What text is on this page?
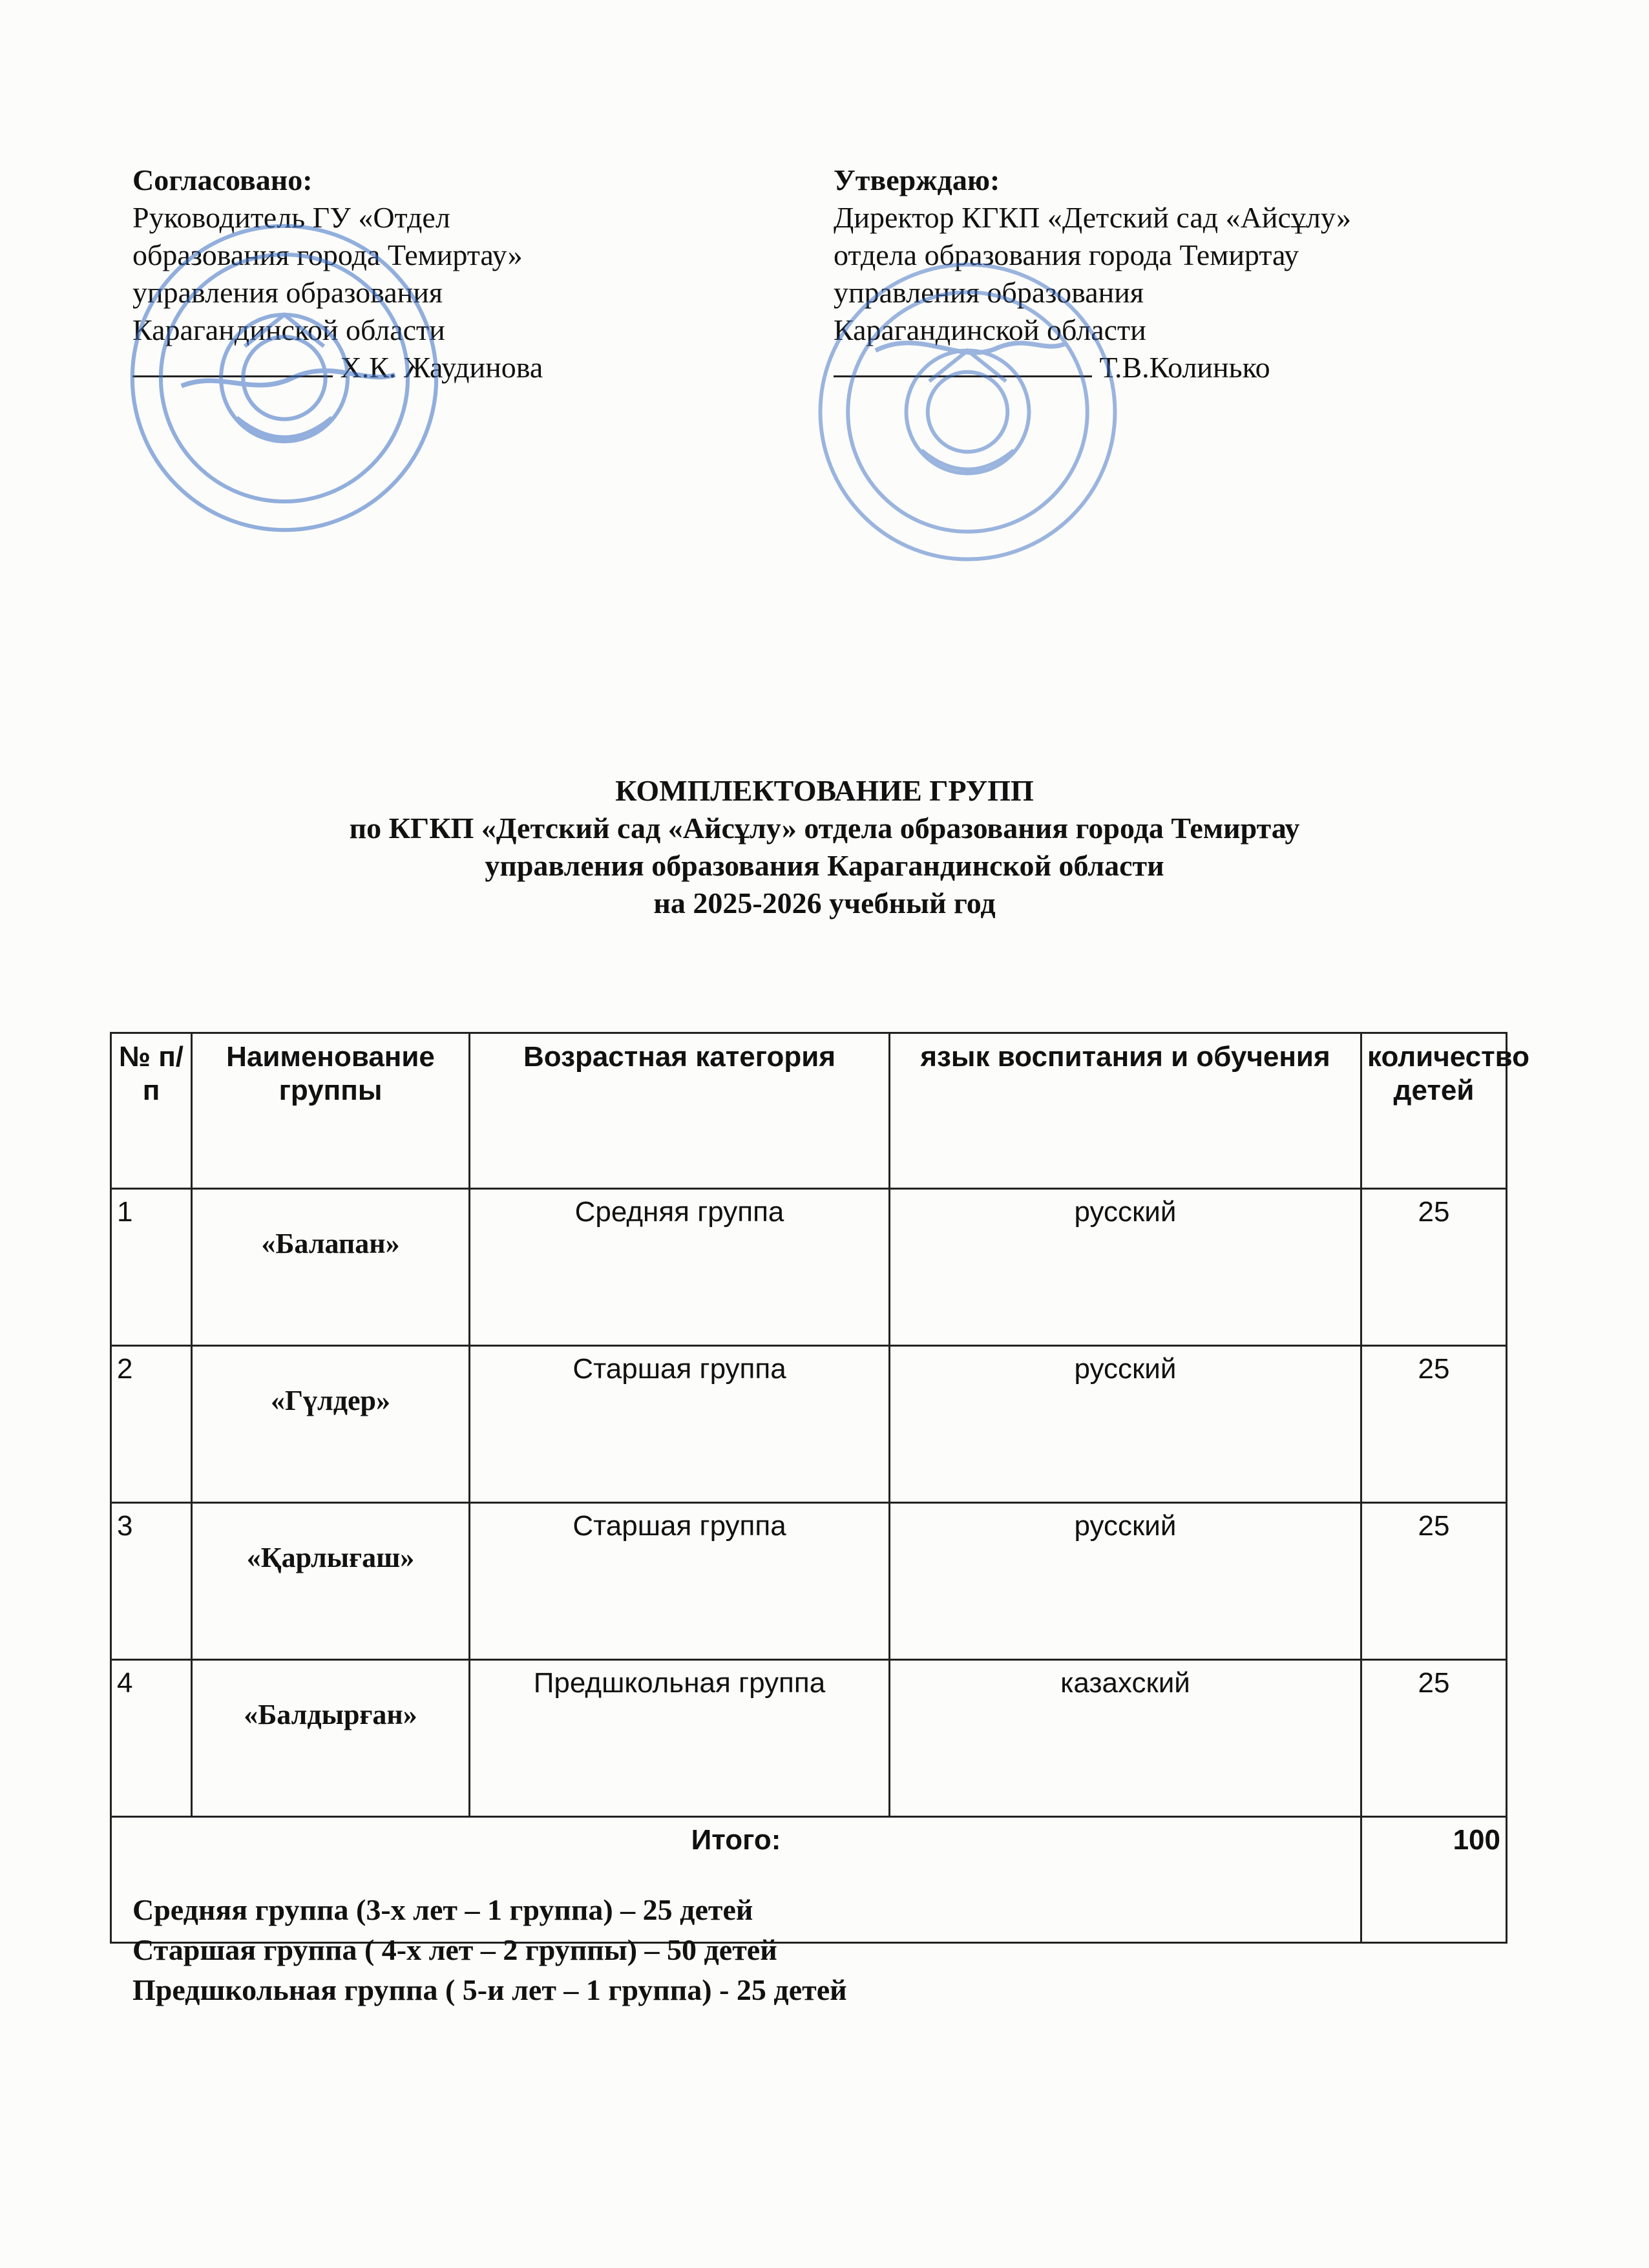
Согласовано:
Руководитель ГУ «Отдел
образования города Темиртау»
управления образования
Карагандинской области
Х.К. Жаудинова
Утверждаю:
Директор КГКП «Детский сад «Айсұлу»
отдела образования города Темиртау
управления образования
Карагандинской области
Т.В.Колинько
КОМПЛЕКТОВАНИЕ ГРУПП
по КГКП «Детский сад «Айсұлу» отдела образования города Темиртау
управления образования Карагандинской области
на 2025-2026 учебный год
№ п/п	Наименование группы	Возрастная категория	язык воспитания и обучения	количество детей
1	«Балапан»	Средняя группа	русский	25
2	«Гүлдер»	Старшая группа	русский	25
3	«Қарлығаш»	Старшая группа	русский	25
4	«Балдырған»	Предшкольная группа	казахский	25
Итого:				100
Средняя группа (3-х лет – 1 группа) – 25 детей
Старшая группа ( 4-х лет – 2 группы) – 50 детей
Предшкольная группа ( 5-и лет – 1 группа) - 25 детей
